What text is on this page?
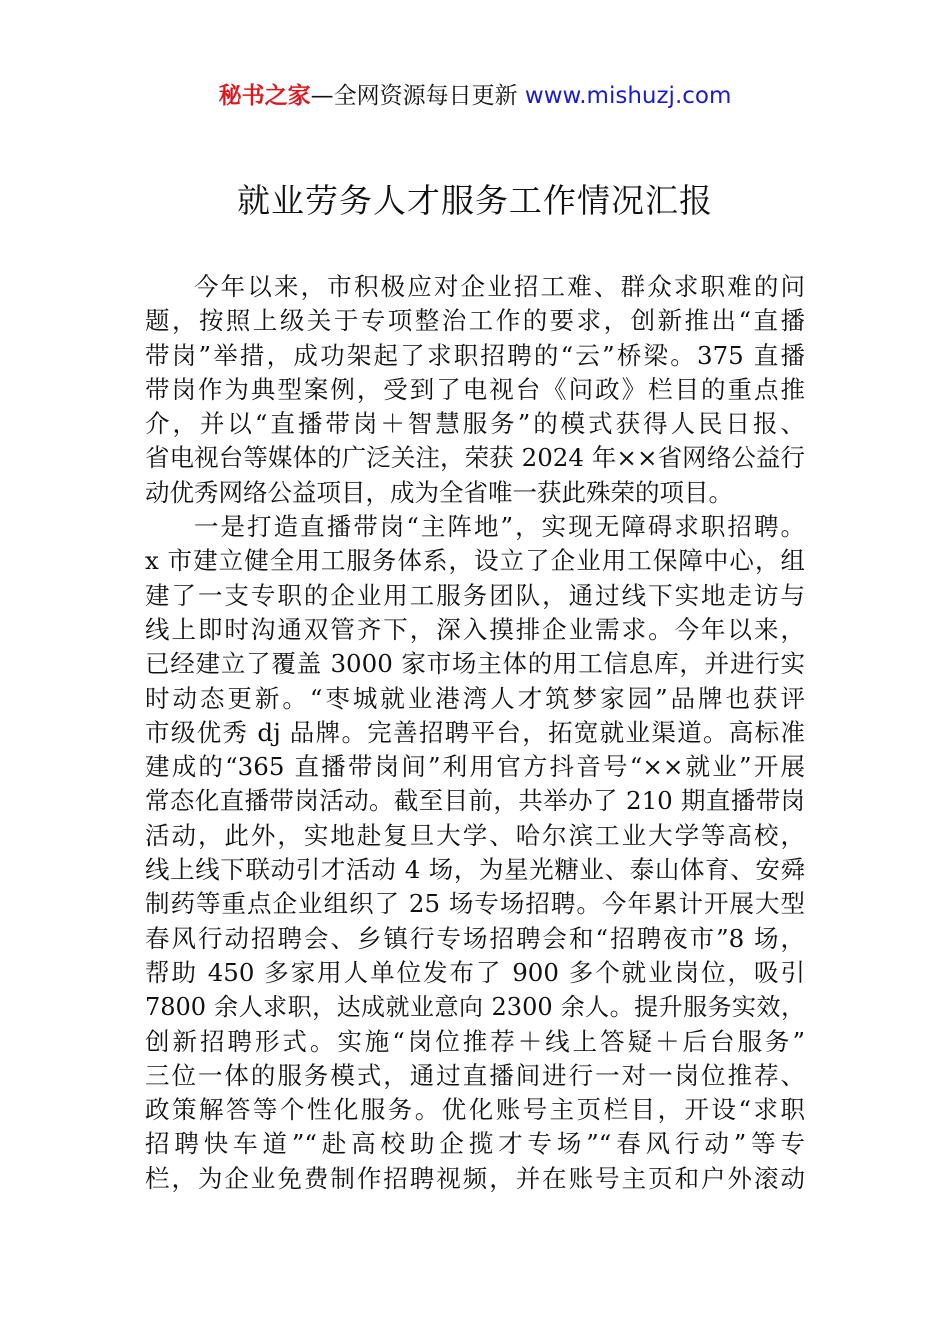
秘书之家—全网资源每日更新 www.mishuzj.com
就业劳务人才服务工作情况汇报
今年以来，市积极应对企业招工难、群众求职难的问
题，按照上级关于专项整治工作的要求，创新推出“直播
带岗”举措，成功架起了求职招聘的“云”桥梁。375 直播
带岗作为典型案例，受到了电视台《问政》栏目的重点推
介，并以“直播带岗＋智慧服务”的模式获得人民日报、
省电视台等媒体的广泛关注，荣获 2024 年××省网络公益行
动优秀网络公益项目，成为全省唯一获此殊荣的项目。
一是打造直播带岗“主阵地”，实现无障碍求职招聘。
x 市建立健全用工服务体系，设立了企业用工保障中心，组
建了一支专职的企业用工服务团队，通过线下实地走访与
线上即时沟通双管齐下，深入摸排企业需求。今年以来，
已经建立了覆盖 3000 家市场主体的用工信息库，并进行实
时动态更新。“枣城就业港湾人才筑梦家园”品牌也获评
市级优秀 dj 品牌。完善招聘平台，拓宽就业渠道。高标准
建成的“365 直播带岗间”利用官方抖音号“××就业”开展
常态化直播带岗活动。截至目前，共举办了 210 期直播带岗
活动，此外，实地赴复旦大学、哈尔滨工业大学等高校，
线上线下联动引才活动 4 场，为星光糖业、泰山体育、安舜
制药等重点企业组织了 25 场专场招聘。今年累计开展大型
春风行动招聘会、乡镇行专场招聘会和“招聘夜市”8 场，
帮助 450 多家用人单位发布了 900 多个就业岗位，吸引
7800 余人求职，达成就业意向 2300 余人。提升服务实效，
创新招聘形式。实施“岗位推荐＋线上答疑＋后台服务”
三位一体的服务模式，通过直播间进行一对一岗位推荐、
政策解答等个性化服务。优化账号主页栏目，开设“求职
招聘快车道”“赴高校助企揽才专场”“春风行动”等专
栏，为企业免费制作招聘视频，并在账号主页和户外滚动
